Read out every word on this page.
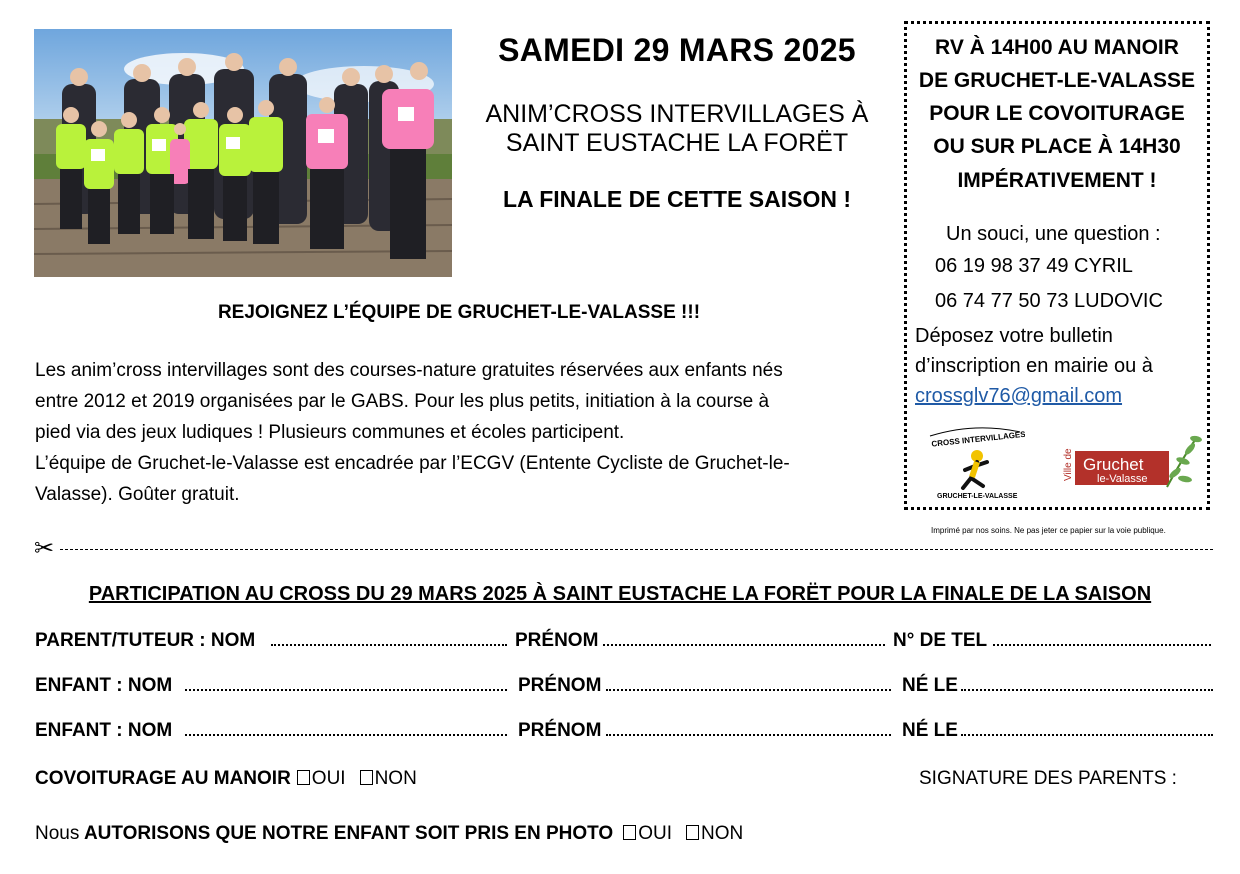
SAMEDI 29 MARS 2025
ANIM’CROSS INTERVILLAGES À
SAINT EUSTACHE LA FORËT
LA FINALE DE CETTE SAISON !
RV À 14H00 AU MANOIR
DE GRUCHET-LE-VALASSE
POUR LE COVOITURAGE
OU SUR PLACE À 14H30
IMPÉRATIVEMENT !
Un souci, une question :
06 19 98 37 49 CYRIL
06 74 77 50 73 LUDOVIC
Déposez votre bulletin
d’inscription en mairie ou à
crossglv76@gmail.com
CROSS INTERVILLAGES
GRUCHET-LE-VALASSE
Ville de Gruchet
le-Valasse
Imprimé par nos soins. Ne pas jeter ce papier sur la voie publique.
REJOIGNEZ L’ÉQUIPE DE GRUCHET-LE-VALASSE !!!
Les anim’cross intervillages sont des courses-nature gratuites réservées aux enfants nés
entre 2012 et 2019 organisées par le GABS. Pour les plus petits, initiation à la course à
pied via des jeux ludiques ! Plusieurs communes et écoles participent.
L’équipe de Gruchet-le-Valasse est encadrée par l’ECGV (Entente Cycliste de Gruchet-le-
Valasse). Goûter gratuit.
✂
PARTICIPATION AU CROSS DU 29 MARS 2025 À SAINT EUSTACHE LA FORËT POUR LA FINALE DE LA SAISON
PARENT/TUTEUR : NOM	PRÉNOM	N° DE TEL
ENFANT : NOM	PRÉNOM	NÉ LE
ENFANT : NOM	PRÉNOM	NÉ LE
COVOITURAGE AU MANOIR OUI NON	SIGNATURE DES PARENTS :
Nous AUTORISONS QUE NOTRE ENFANT SOIT PRIS EN PHOTO OUI NON
